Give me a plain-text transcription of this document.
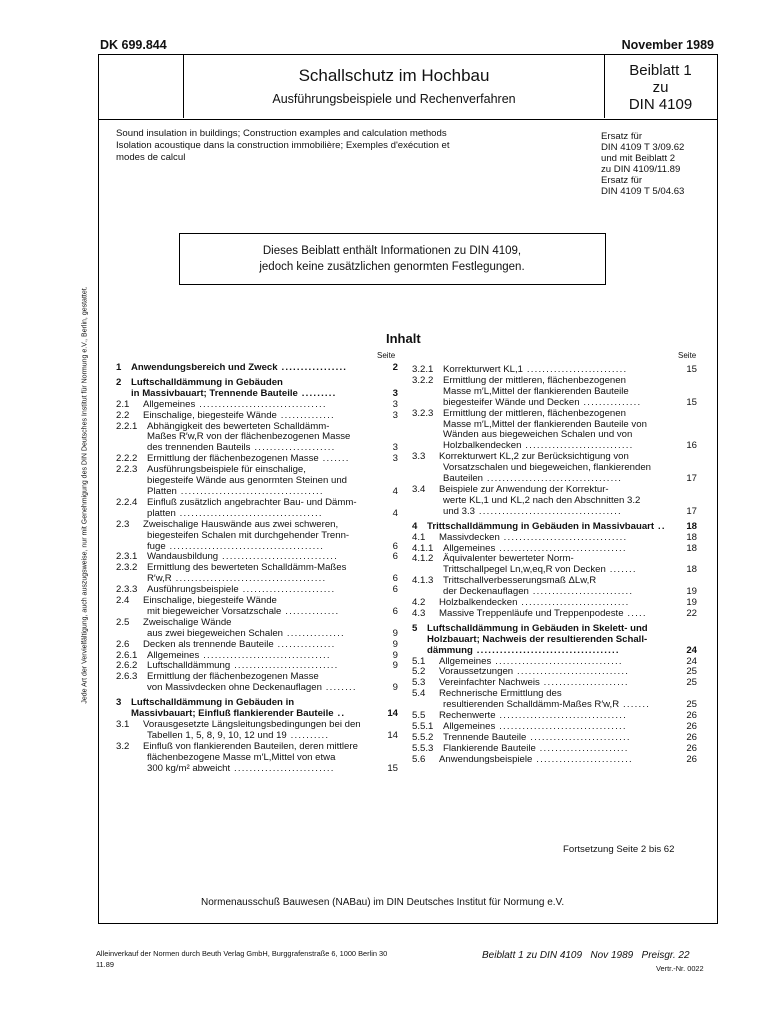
DK 699.844	November 1989
Schallschutz im Hochbau
Ausführungsbeispiele und Rechenverfahren
Beiblatt 1
zu
DIN 4109
Sound insulation in buildings; Construction examples and calculation methods
Isolation acoustique dans la construction immobilière; Exemples d'exécution et
modes de calcul
Ersatz für
DIN 4109 T 3/09.62
und mit Beiblatt 2
zu DIN 4109/11.89
Ersatz für
DIN 4109 T 5/04.63
Dieses Beiblatt enthält Informationen zu DIN 4109,
jedoch keine zusätzlichen genormten Festlegungen.
Inhalt
Seite	Seite
1	Anwendungsbereich und Zweck .................	2
2	Luftschalldämmung in Gebäuden
in Massivbauart; Trennende Bauteile .........	3
2.1	Allgemeines .................................	3
2.2	Einschalige, biegesteife Wände ..............	3
2.2.1	Abhängigkeit des bewerteten Schalldämm-
Maßes R′w,R von der flächenbezogenen Masse
des trennenden Bauteils .....................	3
2.2.2	Ermittlung der flächenbezogenen Masse .......	3
2.2.3	Ausführungsbeispiele für einschalige,
biegesteife Wände aus genormten Steinen und
Platten .....................................	4
2.2.4	Einfluß zusätzlich angebrachter Bau- und Dämm-
platten .....................................	4
2.3	Zweischalige Hauswände aus zwei schweren,
biegesteifen Schalen mit durchgehender Trenn-
fuge ........................................	6
2.3.1	Wandausbildung ..............................	6
2.3.2	Ermittlung des bewerteten Schalldämm-Maßes
R′w,R .......................................	6
2.3.3	Ausführungsbeispiele ........................	6
2.4	Einschalige, biegesteife Wände
mit biegeweicher Vorsatzschale ..............	6
2.5	Zweischalige Wände
aus zwei biegeweichen Schalen ...............	9
2.6	Decken als trennende Bauteile ...............	9
2.6.1	Allgemeines .................................	9
2.6.2	Luftschalldämmung ...........................	9
2.6.3	Ermittlung der flächenbezogenen Masse
von Massivdecken ohne Deckenauflagen ........	9
3	Luftschalldämmung in Gebäuden in
Massivbauart; Einfluß flankierender Bauteile ..	14
3.1	Vorausgesetzte Längsleitungsbedingungen bei den
Tabellen 1, 5, 8, 9, 10, 12 und 19 ..........	14
3.2	Einfluß von flankierenden Bauteilen, deren mittlere
flächenbezogene Masse m′L,Mittel von etwa
300 kg/m² abweicht ..........................	15
3.2.1	Korrekturwert KL,1 ..........................	15
3.2.2	Ermittlung der mittleren, flächenbezogenen
Masse m′L,Mittel der flankierenden Bauteile
biegesteifer Wände und Decken ...............	15
3.2.3	Ermittlung der mittleren, flächenbezogenen
Masse m′L,Mittel der flankierenden Bauteile von
Wänden aus biegeweichen Schalen und von
Holzbalkendecken ............................	16
3.3	Korrekturwert KL,2 zur Berücksichtigung von
Vorsatzschalen und biegeweichen, flankierenden
Bauteilen ...................................	17
3.4	Beispiele zur Anwendung der Korrektur-
werte KL,1 und KL,2 nach den Abschnitten 3.2
und 3.3 .....................................	17
4	Trittschalldämmung in Gebäuden in Massivbauart ..	18
4.1	Massivdecken ................................	18
4.1.1	Allgemeines .................................	18
4.1.2	Äquivalenter bewerteter Norm-
Trittschallpegel Ln,w,eq,R von Decken .......	18
4.1.3	Trittschallverbesserungsmaß ΔLw,R
der Deckenauflagen ..........................	19
4.2	Holzbalkendecken ............................	19
4.3	Massive Treppenläufe und Treppenpodeste .....	22
5	Luftschalldämmung in Gebäuden in Skelett- und
Holzbauart; Nachweis der resultierenden Schall-
dämmung .....................................	24
5.1	Allgemeines .................................	24
5.2	Voraussetzungen .............................	25
5.3	Vereinfachter Nachweis ......................	25
5.4	Rechnerische Ermittlung des
resultierenden Schalldämm-Maßes R′w,R .......	25
5.5	Rechenwerte .................................	26
5.5.1	Allgemeines .................................	26
5.5.2	Trennende Bauteile ..........................	26
5.5.3	Flankierende Bauteile .......................	26
5.6	Anwendungsbeispiele .........................	26
Fortsetzung Seite 2 bis 62
Normenausschuß Bauwesen (NABau) im DIN Deutsches Institut für Normung e.V.
Alleinverkauf der Normen durch Beuth Verlag GmbH, Burggrafenstraße 6, 1000 Berlin 30
11.89
Beiblatt 1 zu DIN 4109   Nov 1989   Preisgr. 22
Vertr.-Nr. 0022
Jede Art der Vervielfältigung, auch auszugsweise, nur mit Genehmigung des DIN Deutsches Institut für Normung e.V., Berlin, gestattet.
